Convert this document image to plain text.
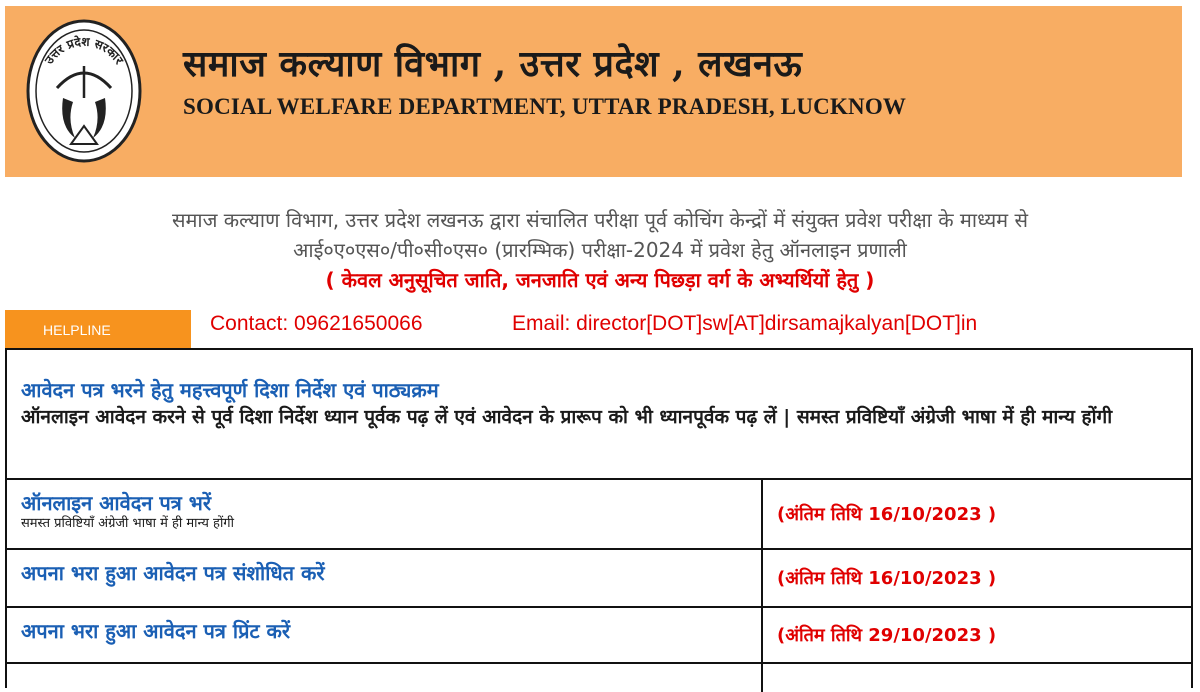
उत्तर प्रदेश सरकार समाज कल्याण विभाग , उत्तर प्रदेश , लखनऊ
SOCIAL WELFARE DEPARTMENT, UTTAR PRADESH, LUCKNOW
समाज कल्याण विभाग, उत्तर प्रदेश लखनऊ द्वारा संचालित परीक्षा पूर्व कोचिंग केन्द्रों में संयुक्त प्रवेश परीक्षा के माध्यम से
आई०ए०एस०/पी०सी०एस० (प्रारम्भिक) परीक्षा-2024 में प्रवेश हेतु ऑनलाइन प्रणाली
( केवल अनुसूचित जाति, जनजाति एवं अन्य पिछड़ा वर्ग के अभ्यर्थियों हेतु )
HELPLINE	Contact: 09621650066	Email: director[DOT]sw[AT]dirsamajkalyan[DOT]in
आवेदन पत्र भरने हेतु महत्त्वपूर्ण दिशा निर्देश एवं पाठ्यक्रम
ऑनलाइन आवेदन करने से पूर्व दिशा निर्देश ध्यान पूर्वक पढ़ लें एवं आवेदन के प्रारूप को भी ध्यानपूर्वक पढ़ लें | समस्त प्रविष्टियाँ अंग्रेजी भाषा में ही मान्य होंगी
ऑनलाइन आवेदन पत्र भरें
समस्त प्रविष्टियाँ अंग्रेजी भाषा में ही मान्य होंगी	(अंतिम तिथि 16/10/2023 )
अपना भरा हुआ आवेदन पत्र संशोधित करें	(अंतिम तिथि 16/10/2023 )
अपना भरा हुआ आवेदन पत्र प्रिंट करें	(अंतिम तिथि 29/10/2023 )
